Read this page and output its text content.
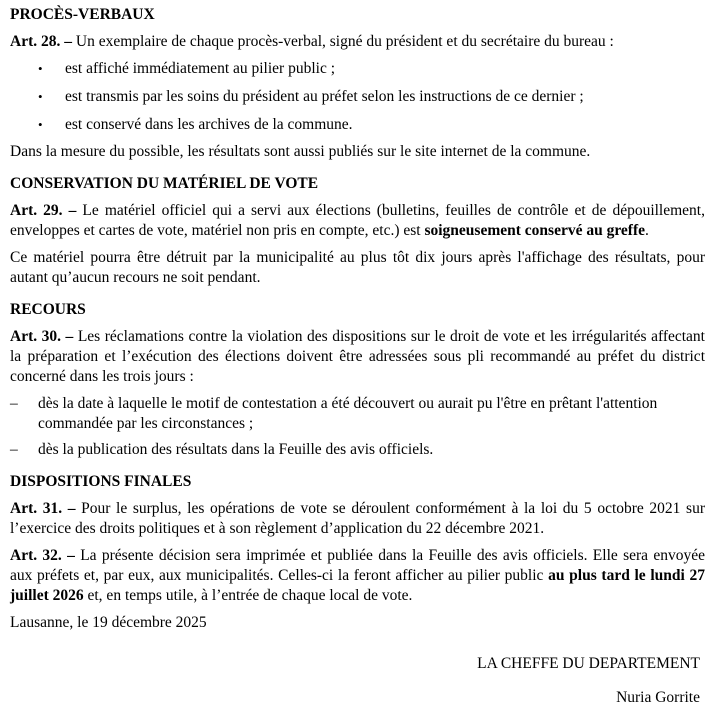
PROCÈS-VERBAUX

Art. 28. – Un exemplaire de chaque procès-verbal, signé du président et du secrétaire du bureau :

•	est affiché immédiatement au pilier public ;
•	est transmis par les soins du président au préfet selon les instructions de ce dernier ;
•	est conservé dans les archives de la commune.

Dans la mesure du possible, les résultats sont aussi publiés sur le site internet de la commune.

CONSERVATION DU MATÉRIEL DE VOTE

Art. 29. – Le matériel officiel qui a servi aux élections (bulletins, feuilles de contrôle et de dépouillement, enveloppes et cartes de vote, matériel non pris en compte, etc.) est soigneusement conservé au greffe.

Ce matériel pourra être détruit par la municipalité au plus tôt dix jours après l'affichage des résultats, pour autant qu’aucun recours ne soit pendant.

RECOURS

Art. 30. – Les réclamations contre la violation des dispositions sur le droit de vote et les irrégularités affectant la préparation et l’exécution des élections doivent être adressées sous pli recommandé au préfet du district concerné dans les trois jours :

–	dès la date à laquelle le motif de contestation a été découvert ou aurait pu l'être en prêtant l'attention commandée par les circonstances ;
–	dès la publication des résultats dans la Feuille des avis officiels.
DISPOSITIONS FINALES

Art. 31. – Pour le surplus, les opérations de vote se déroulent conformément à la loi du 5 octobre 2021 sur l’exercice des droits politiques et à son règlement d’application du 22 décembre 2021.

Art. 32. – La présente décision sera imprimée et publiée dans la Feuille des avis officiels. Elle sera envoyée aux préfets et, par eux, aux municipalités. Celles-ci la feront afficher au pilier public au plus tard le lundi 27 juillet 2026 et, en temps utile, à l’entrée de chaque local de vote.

Lausanne, le 19 décembre 2025

LA CHEFFE DU DEPARTEMENT

Nuria Gorrite
